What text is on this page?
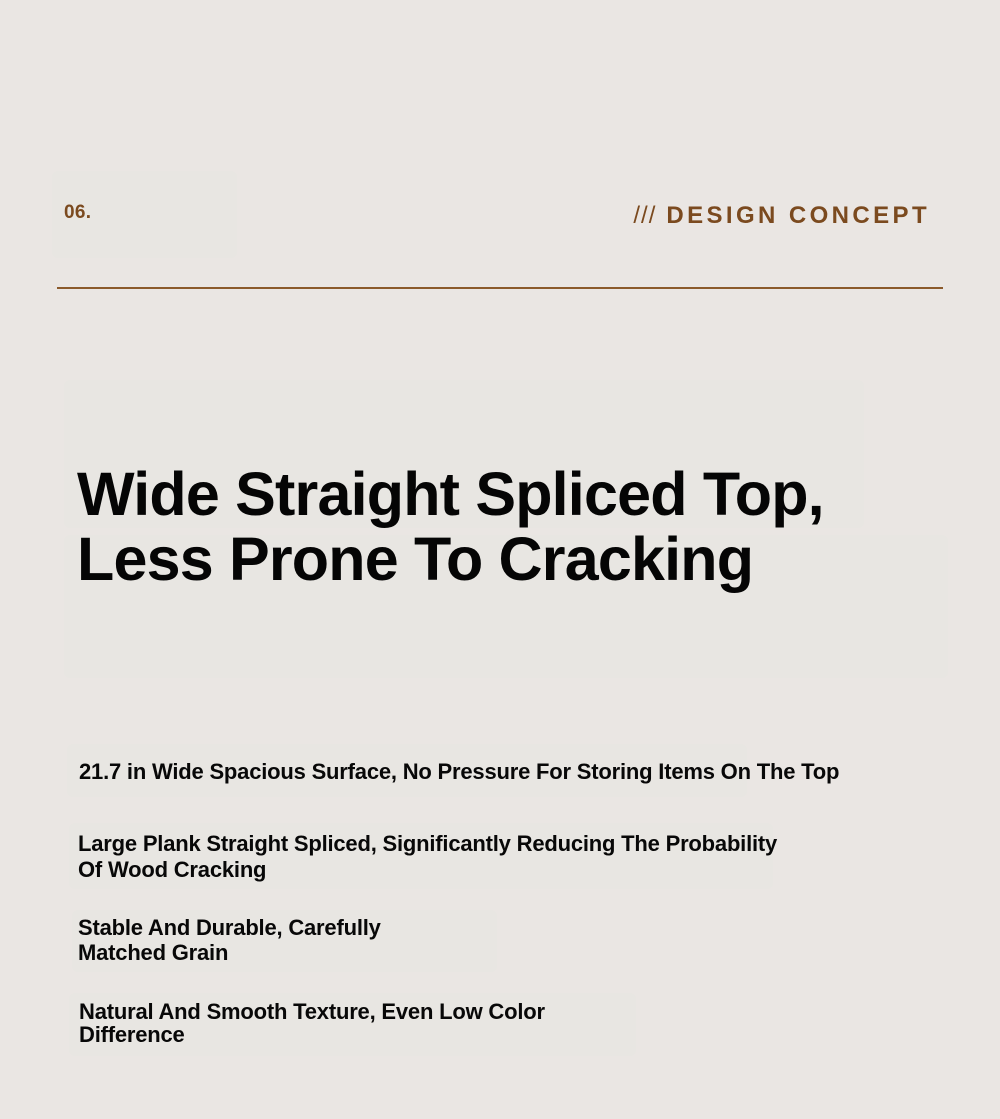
06.	/// DESIGN CONCEPT
Wide Straight Spliced Top,
Less Prone To Cracking
21.7 in Wide Spacious Surface, No Pressure For Storing Items On The Top
Large Plank Straight Spliced, Significantly Reducing The Probability
Of Wood Cracking
Stable And Durable, Carefully
Matched Grain
Natural And Smooth Texture, Even Low Color
Difference
